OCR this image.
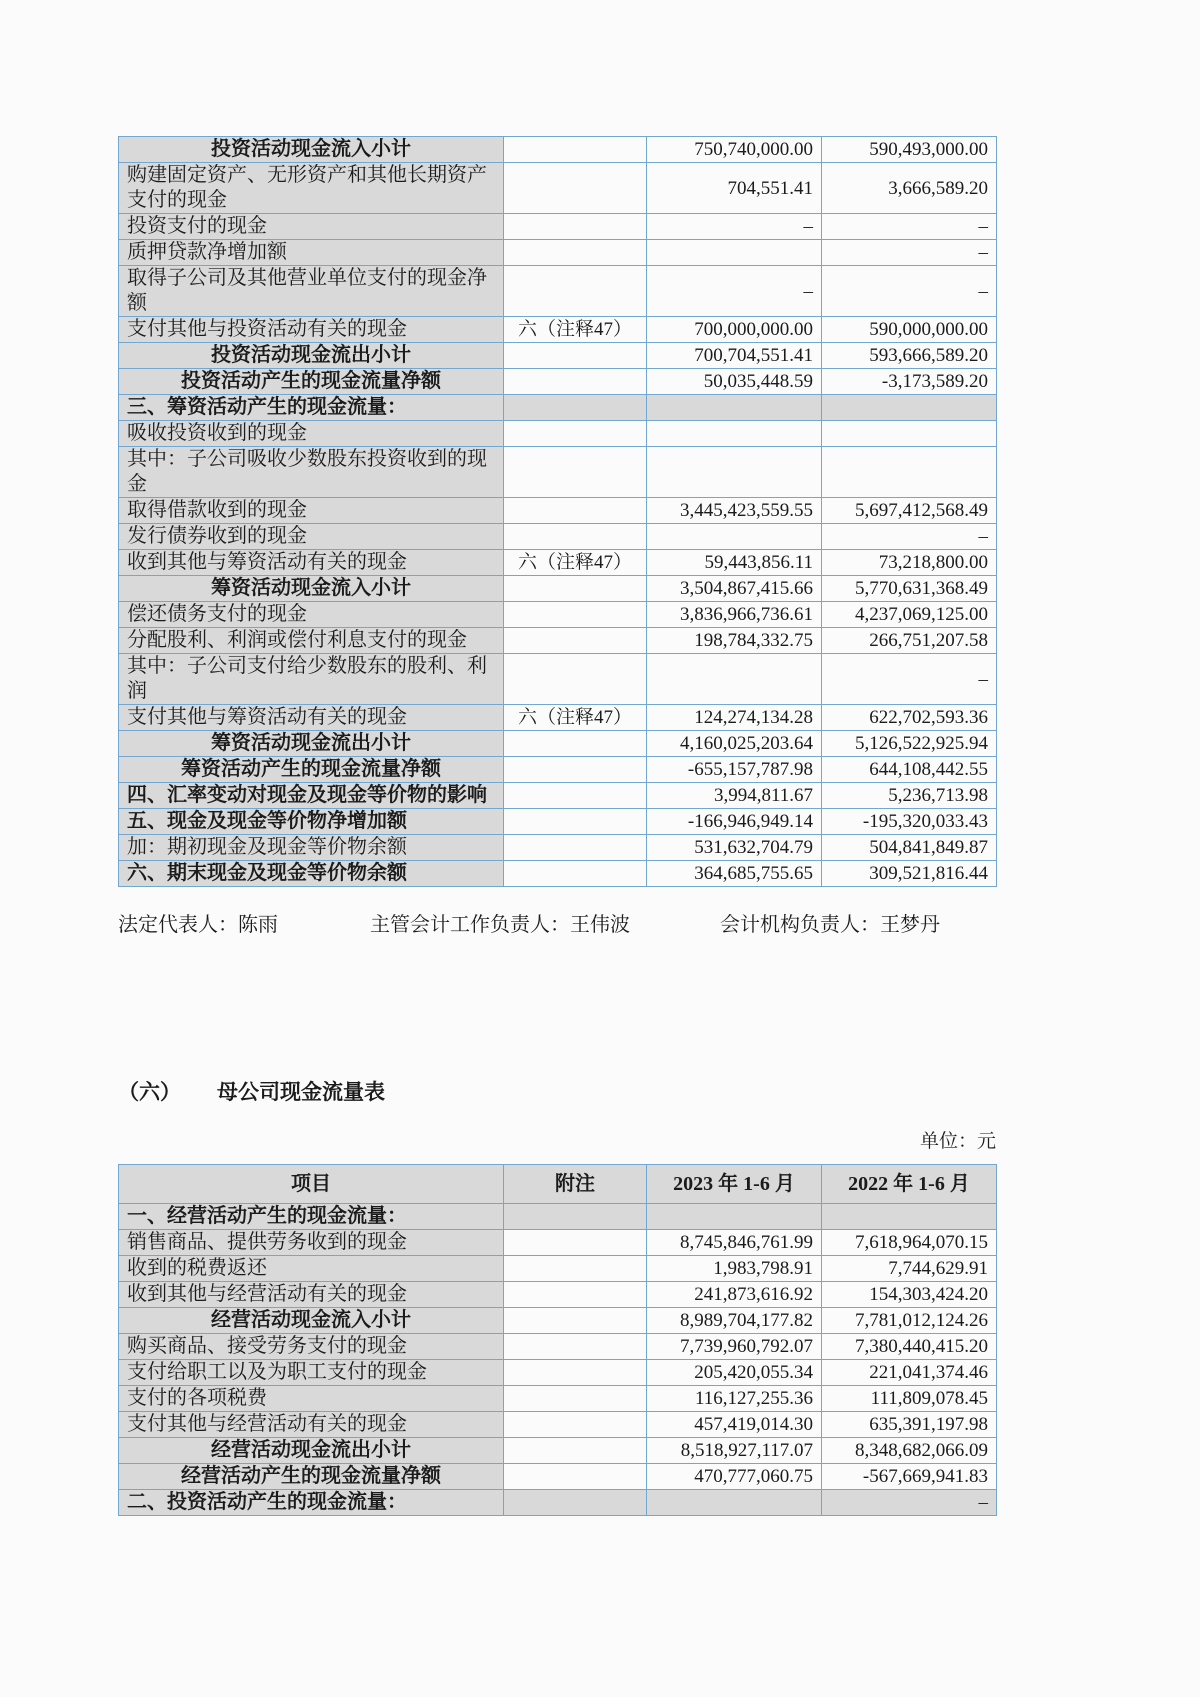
投资活动现金流入小计		750,740,000.00	590,493,000.00
购建固定资产、无形资产和其他长期资产支付的现金		704,551.41	3,666,589.20
投资支付的现金		–	–
质押贷款净增加额			–
取得子公司及其他营业单位支付的现金净额		–	–
支付其他与投资活动有关的现金	六（注释47）	700,000,000.00	590,000,000.00
投资活动现金流出小计		700,704,551.41	593,666,589.20
投资活动产生的现金流量净额		50,035,448.59	-3,173,589.20
三、筹资活动产生的现金流量：			
吸收投资收到的现金			
其中：子公司吸收少数股东投资收到的现金			
取得借款收到的现金		3,445,423,559.55	5,697,412,568.49
发行债券收到的现金			–
收到其他与筹资活动有关的现金	六（注释47）	59,443,856.11	73,218,800.00
筹资活动现金流入小计		3,504,867,415.66	5,770,631,368.49
偿还债务支付的现金		3,836,966,736.61	4,237,069,125.00
分配股利、利润或偿付利息支付的现金		198,784,332.75	266,751,207.58
其中：子公司支付给少数股东的股利、利润			–
支付其他与筹资活动有关的现金	六（注释47）	124,274,134.28	622,702,593.36
筹资活动现金流出小计		4,160,025,203.64	5,126,522,925.94
筹资活动产生的现金流量净额		-655,157,787.98	644,108,442.55
四、汇率变动对现金及现金等价物的影响		3,994,811.67	5,236,713.98
五、现金及现金等价物净增加额		-166,946,949.14	-195,320,033.43
加：期初现金及现金等价物余额		531,632,704.79	504,841,849.87
六、期末现金及现金等价物余额		364,685,755.65	309,521,816.44
法定代表人：陈雨	主管会计工作负责人：王伟波	会计机构负责人：王梦丹
（六） 母公司现金流量表
单位：元
项目	附注	2023 年 1-6 月	2022 年 1-6 月
一、经营活动产生的现金流量：			
销售商品、提供劳务收到的现金		8,745,846,761.99	7,618,964,070.15
收到的税费返还		1,983,798.91	7,744,629.91
收到其他与经营活动有关的现金		241,873,616.92	154,303,424.20
经营活动现金流入小计		8,989,704,177.82	7,781,012,124.26
购买商品、接受劳务支付的现金		7,739,960,792.07	7,380,440,415.20
支付给职工以及为职工支付的现金		205,420,055.34	221,041,374.46
支付的各项税费		116,127,255.36	111,809,078.45
支付其他与经营活动有关的现金		457,419,014.30	635,391,197.98
经营活动现金流出小计		8,518,927,117.07	8,348,682,066.09
经营活动产生的现金流量净额		470,777,060.75	-567,669,941.83
二、投资活动产生的现金流量：			–
